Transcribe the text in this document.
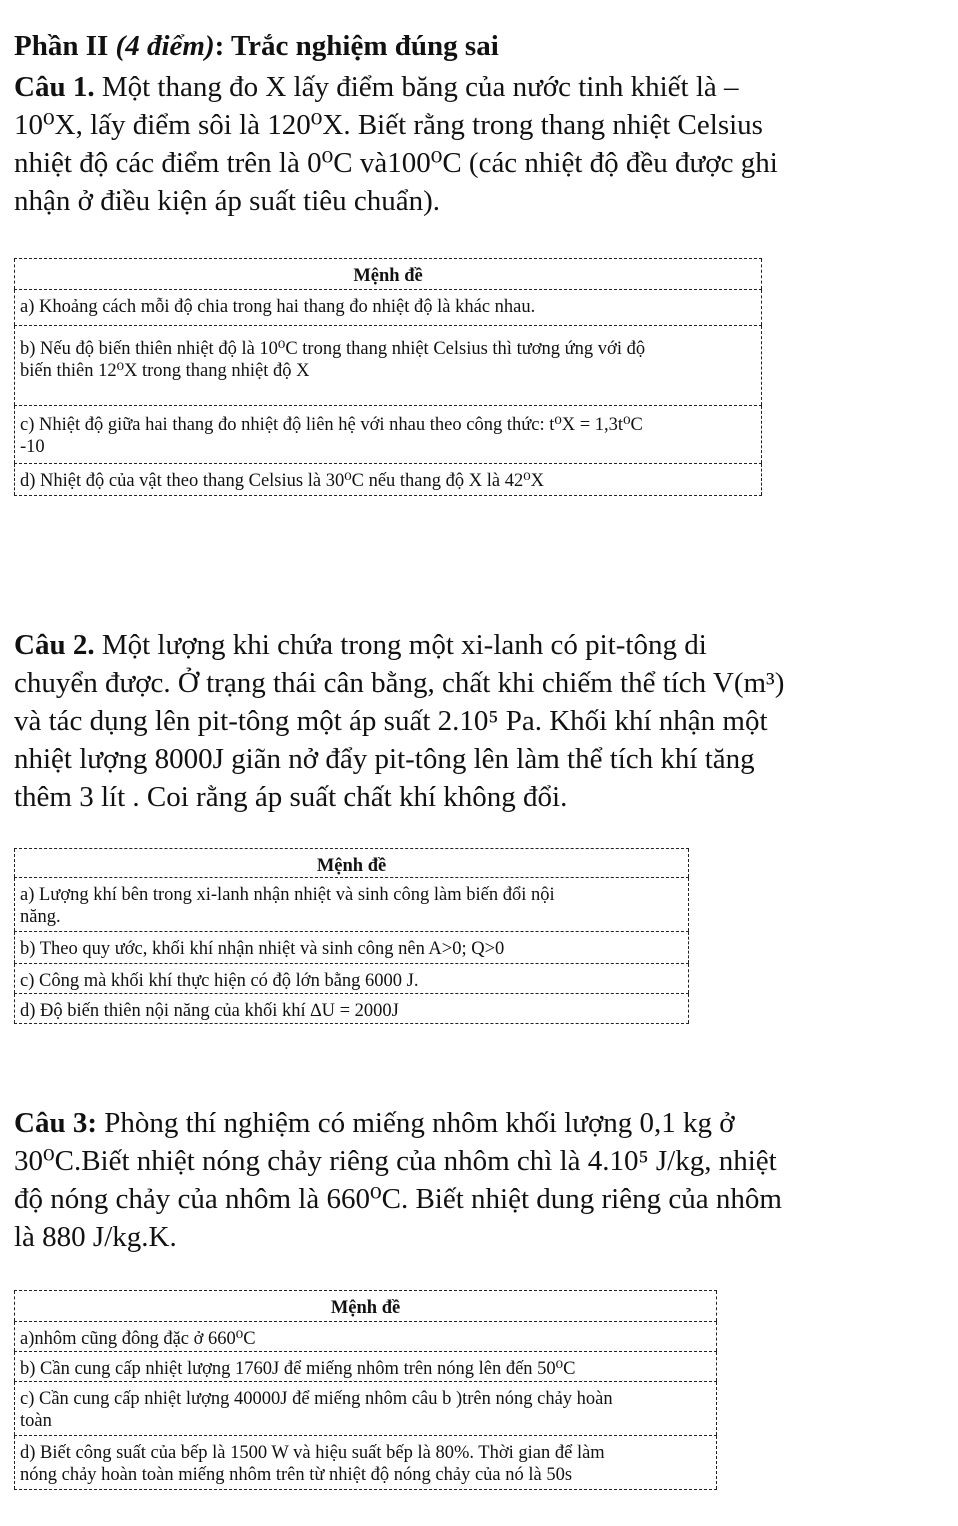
Phần II (4 điểm): Trắc nghiệm đúng sai
Câu 1. Một thang đo X lấy điểm băng của nước tinh khiết là –
10⁰X, lấy điểm sôi là 120⁰X. Biết rằng trong thang nhiệt Celsius
nhiệt độ các điểm trên là 0⁰C và100⁰C (các nhiệt độ đều được ghi
nhận ở điều kiện áp suất tiêu chuẩn).
Mệnh đề
a) Khoảng cách mỗi độ chia trong hai thang đo nhiệt độ là khác nhau.
b) Nếu độ biến thiên nhiệt độ là 10⁰C trong thang nhiệt Celsius thì tương ứng với độ
biến thiên 12⁰X trong thang nhiệt độ X
c) Nhiệt độ giữa hai thang đo nhiệt độ liên hệ với nhau theo công thức: t⁰X = 1,3t⁰C
-10
d) Nhiệt độ của vật theo thang Celsius là 30⁰C nếu thang độ X là 42⁰X
Câu 2. Một lượng khi chứa trong một xi-lanh có pit-tông di
chuyển được. Ở trạng thái cân bằng, chất khi chiếm thể tích V(m³)
và tác dụng lên pit-tông một áp suất 2.10⁵ Pa. Khối khí nhận một
nhiệt lượng 8000J giãn nở đẩy pit-tông lên làm thể tích khí tăng
thêm 3 lít . Coi rằng áp suất chất khí không đổi.
Mệnh đề
a) Lượng khí bên trong xi-lanh nhận nhiệt và sinh công làm biến đổi nội
năng.
b) Theo quy ước, khối khí nhận nhiệt và sinh công nên A>0; Q>0
c) Công mà khối khí thực hiện có độ lớn bằng 6000 J.
d) Độ biến thiên nội năng của khối khí ∆U = 2000J
Câu 3: Phòng thí nghiệm có miếng nhôm khối lượng 0,1 kg ở
30⁰C.Biết nhiệt nóng chảy riêng của nhôm chì là 4.10⁵ J/kg, nhiệt
độ nóng chảy của nhôm là 660⁰C. Biết nhiệt dung riêng của nhôm
là 880 J/kg.K.
Mệnh đề
a)nhôm cũng đông đặc ở 660⁰C
b) Cần cung cấp nhiệt lượng 1760J để miếng nhôm trên nóng lên đến 50⁰C
c) Cần cung cấp nhiệt lượng 40000J để miếng nhôm câu b )trên nóng chảy hoàn
toàn
d) Biết công suất của bếp là 1500 W và hiệu suất bếp là 80%. Thời gian để làm
nóng chảy hoàn toàn miếng nhôm trên từ nhiệt độ nóng chảy của nó là 50s
